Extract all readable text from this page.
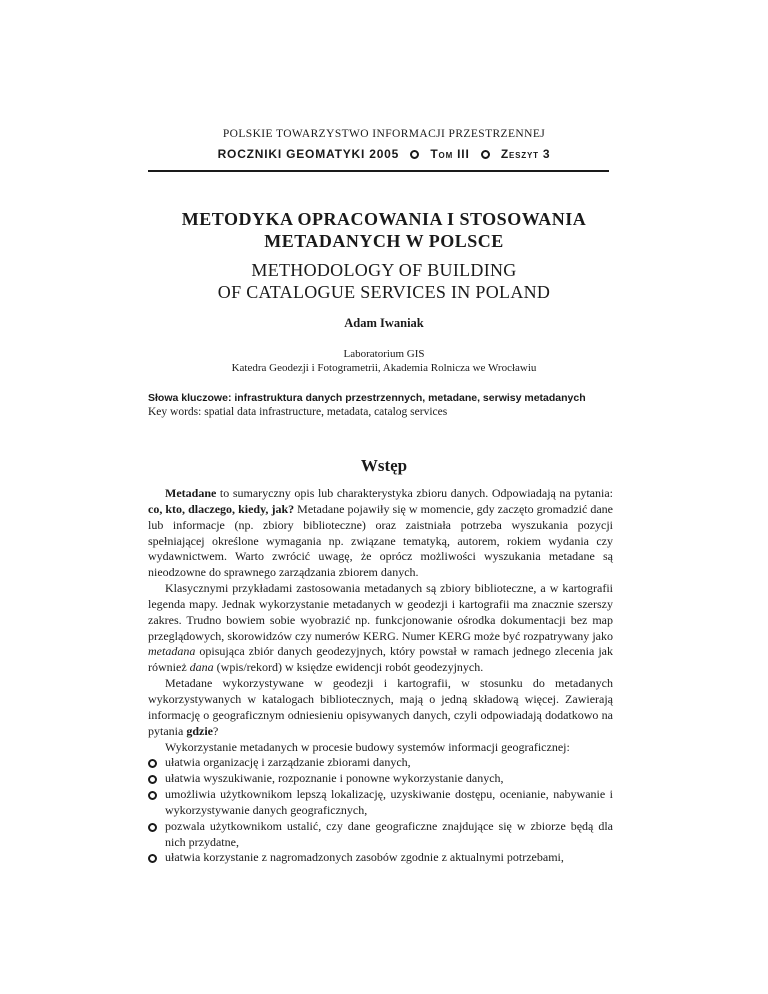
POLSKIE TOWARZYSTWO INFORMACJI PRZESTRZENNEJ
ROCZNIKI GEOMATYKI 2005	Tom III	Zeszyt 3
METODYKA OPRACOWANIA I STOSOWANIA
METADANYCH W POLSCE
METHODOLOGY OF BUILDING
OF CATALOGUE SERVICES IN POLAND
Adam Iwaniak
Laboratorium GIS
Katedra Geodezji i Fotogrametrii, Akademia Rolnicza we Wrocławiu
Słowa kluczowe: infrastruktura danych przestrzennych, metadane, serwisy metadanych
Key words: spatial data infrastructure, metadata, catalog services
Wstęp

Metadane to sumaryczny opis lub charakterystyka zbioru danych. Odpowiadają na pytania: co, kto, dlaczego, kiedy, jak? Metadane pojawiły się w momencie, gdy zaczęto gromadzić dane lub informacje (np. zbiory biblioteczne) oraz zaistniała potrzeba wyszukania pozycji spełniającej określone wymagania np. związane tematyką, autorem, rokiem wydania czy wydawnictwem. Warto zwrócić uwagę, że oprócz możliwości wyszukania metadane są nieodzowne do sprawnego zarządzania zbiorem danych.

Klasycznymi przykładami zastosowania metadanych są zbiory biblioteczne, a w kartografii legenda mapy. Jednak wykorzystanie metadanych w geodezji i kartografii ma znacznie szerszy zakres. Trudno bowiem sobie wyobrazić np. funkcjonowanie ośrodka dokumentacji bez map przeglądowych, skorowidzów czy numerów KERG. Numer KERG może być rozpatrywany jako metadana opisująca zbiór danych geodezyjnych, który powstał w ramach jednego zlecenia jak również dana (wpis/rekord) w księdze ewidencji robót geodezyjnych.

Metadane wykorzystywane w geodezji i kartografii, w stosunku do metadanych wykorzystywanych w katalogach bibliotecznych, mają o jedną składową więcej. Zawierają informację o geograficznym odniesieniu opisywanych danych, czyli odpowiadają dodatkowo na pytania gdzie?

Wykorzystanie metadanych w procesie budowy systemów informacji geograficznej:

ułatwia organizację i zarządzanie zbiorami danych,
ułatwia wyszukiwanie, rozpoznanie i ponowne wykorzystanie danych,
umożliwia użytkownikom lepszą lokalizację, uzyskiwanie dostępu, ocenianie, nabywanie i wykorzystywanie danych geograficznych,
pozwala użytkownikom ustalić, czy dane geograficzne znajdujące się w zbiorze będą dla nich przydatne,
ułatwia korzystanie z nagromadzonych zasobów zgodnie z aktualnymi potrzebami,
